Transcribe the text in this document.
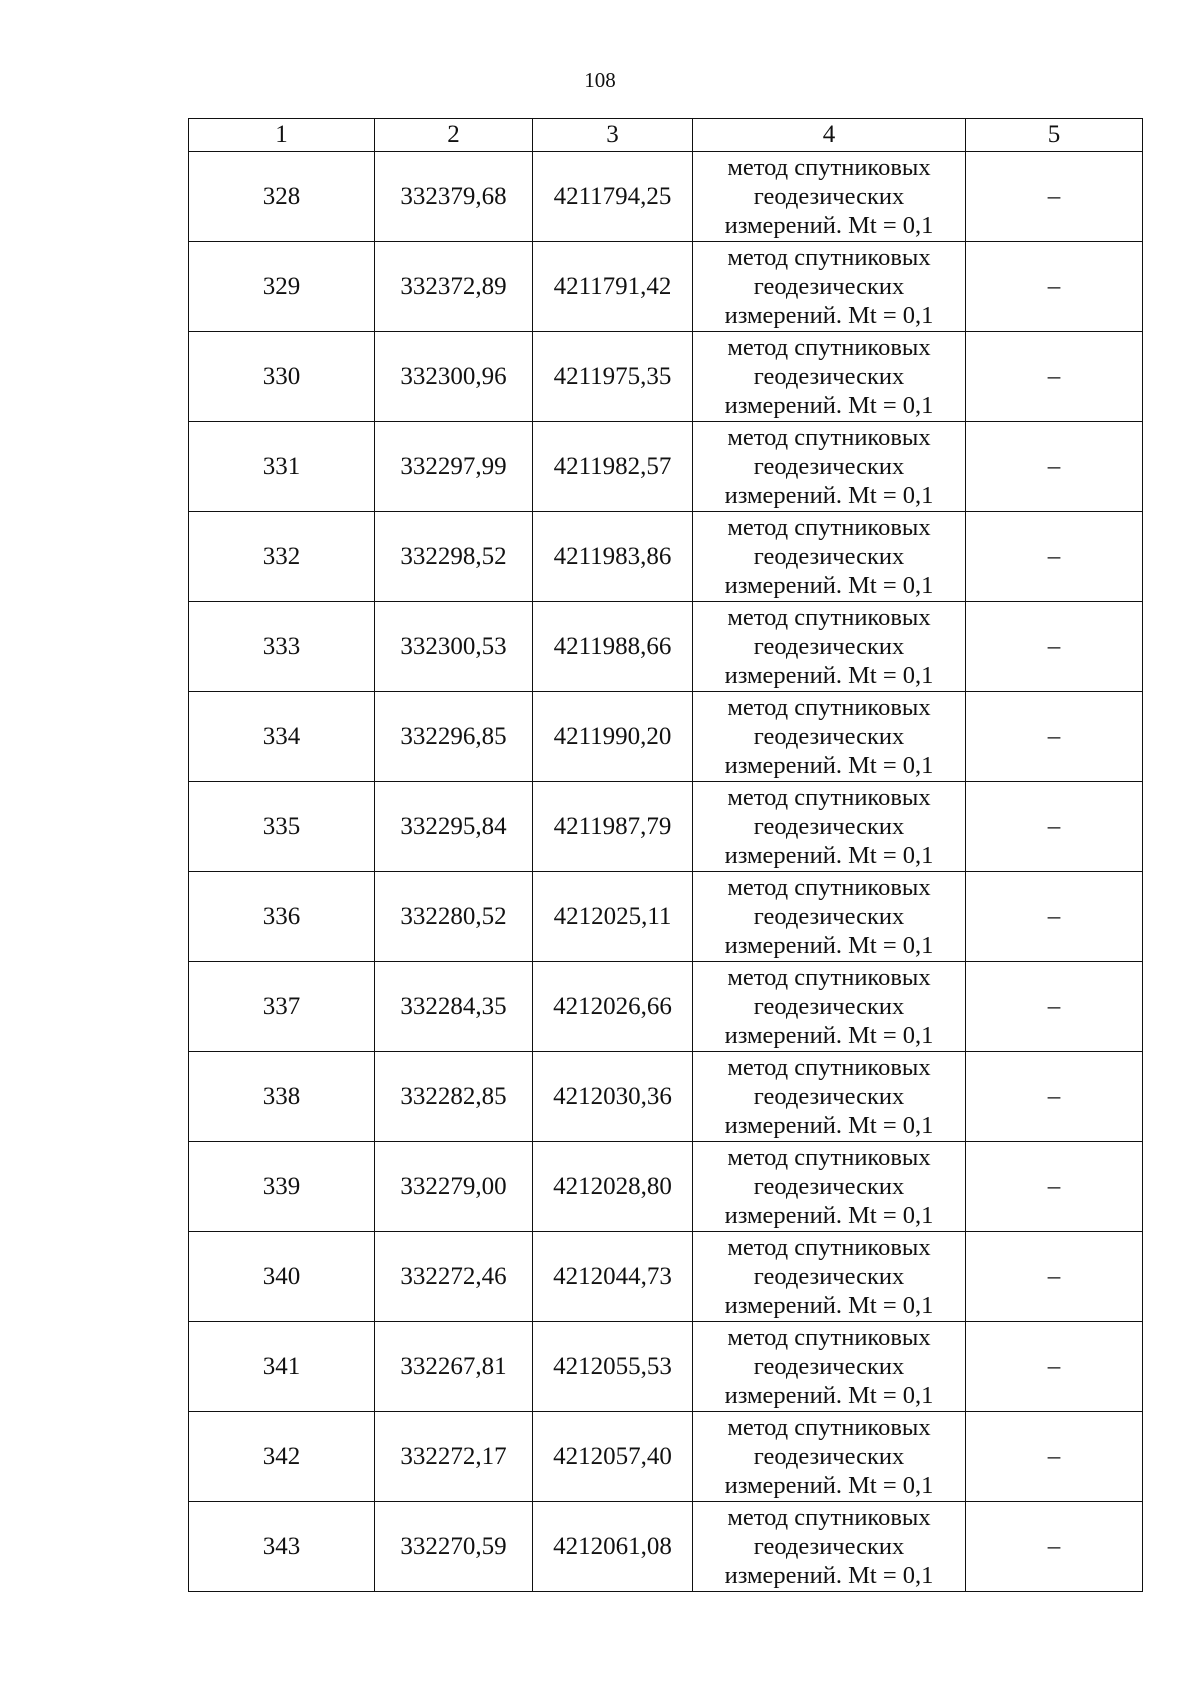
108
1	2	3	4	5
328	332379,68	4211794,25	метод спутниковых
геодезических
измерений. Mt = 0,1	–
329	332372,89	4211791,42	метод спутниковых
геодезических
измерений. Mt = 0,1	–
330	332300,96	4211975,35	метод спутниковых
геодезических
измерений. Mt = 0,1	–
331	332297,99	4211982,57	метод спутниковых
геодезических
измерений. Mt = 0,1	–
332	332298,52	4211983,86	метод спутниковых
геодезических
измерений. Mt = 0,1	–
333	332300,53	4211988,66	метод спутниковых
геодезических
измерений. Mt = 0,1	–
334	332296,85	4211990,20	метод спутниковых
геодезических
измерений. Mt = 0,1	–
335	332295,84	4211987,79	метод спутниковых
геодезических
измерений. Mt = 0,1	–
336	332280,52	4212025,11	метод спутниковых
геодезических
измерений. Mt = 0,1	–
337	332284,35	4212026,66	метод спутниковых
геодезических
измерений. Mt = 0,1	–
338	332282,85	4212030,36	метод спутниковых
геодезических
измерений. Mt = 0,1	–
339	332279,00	4212028,80	метод спутниковых
геодезических
измерений. Mt = 0,1	–
340	332272,46	4212044,73	метод спутниковых
геодезических
измерений. Mt = 0,1	–
341	332267,81	4212055,53	метод спутниковых
геодезических
измерений. Mt = 0,1	–
342	332272,17	4212057,40	метод спутниковых
геодезических
измерений. Mt = 0,1	–
343	332270,59	4212061,08	метод спутниковых
геодезических
измерений. Mt = 0,1	–
